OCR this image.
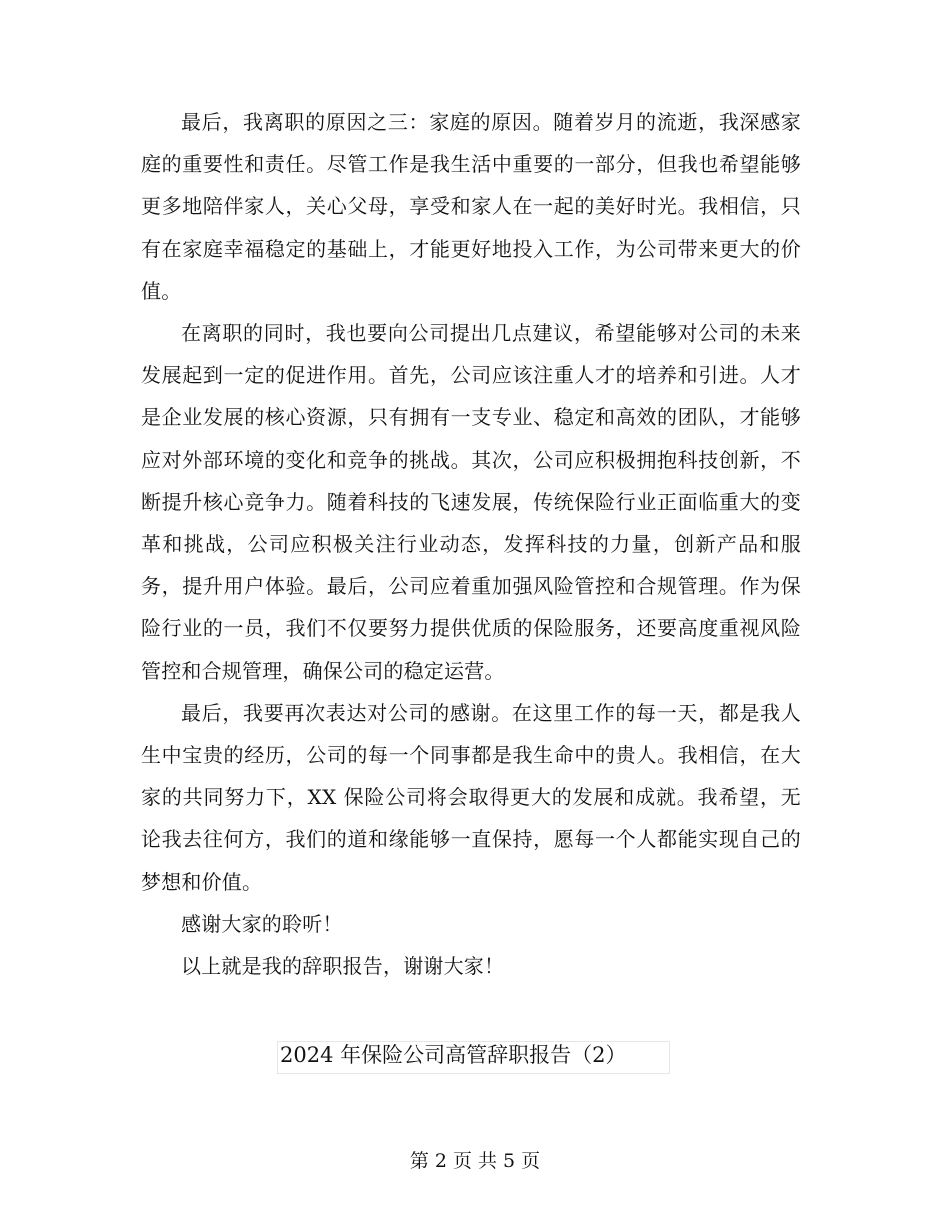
最后，我离职的原因之三：家庭的原因。随着岁月的流逝，我深感家庭的重要性和责任。尽管工作是我生活中重要的一部分，但我也希望能够更多地陪伴家人，关心父母，享受和家人在一起的美好时光。我相信，只有在家庭幸福稳定的基础上，才能更好地投入工作，为公司带来更大的价值。

在离职的同时，我也要向公司提出几点建议，希望能够对公司的未来发展起到一定的促进作用。首先，公司应该注重人才的培养和引进。人才是企业发展的核心资源，只有拥有一支专业、稳定和高效的团队，才能够应对外部环境的变化和竞争的挑战。其次，公司应积极拥抱科技创新，不断提升核心竞争力。随着科技的飞速发展，传统保险行业正面临重大的变革和挑战，公司应积极关注行业动态，发挥科技的力量，创新产品和服务，提升用户体验。最后，公司应着重加强风险管控和合规管理。作为保险行业的一员，我们不仅要努力提供优质的保险服务，还要高度重视风险管控和合规管理，确保公司的稳定运营。

最后，我要再次表达对公司的感谢。在这里工作的每一天，都是我人生中宝贵的经历，公司的每一个同事都是我生命中的贵人。我相信，在大家的共同努力下，XX 保险公司将会取得更大的发展和成就。我希望，无论我去往何方，我们的道和缘能够一直保持，愿每一个人都能实现自己的梦想和价值。

感谢大家的聆听！

以上就是我的辞职报告，谢谢大家！

2024 年保险公司高管辞职报告（2）
第 2 页 共 5 页
